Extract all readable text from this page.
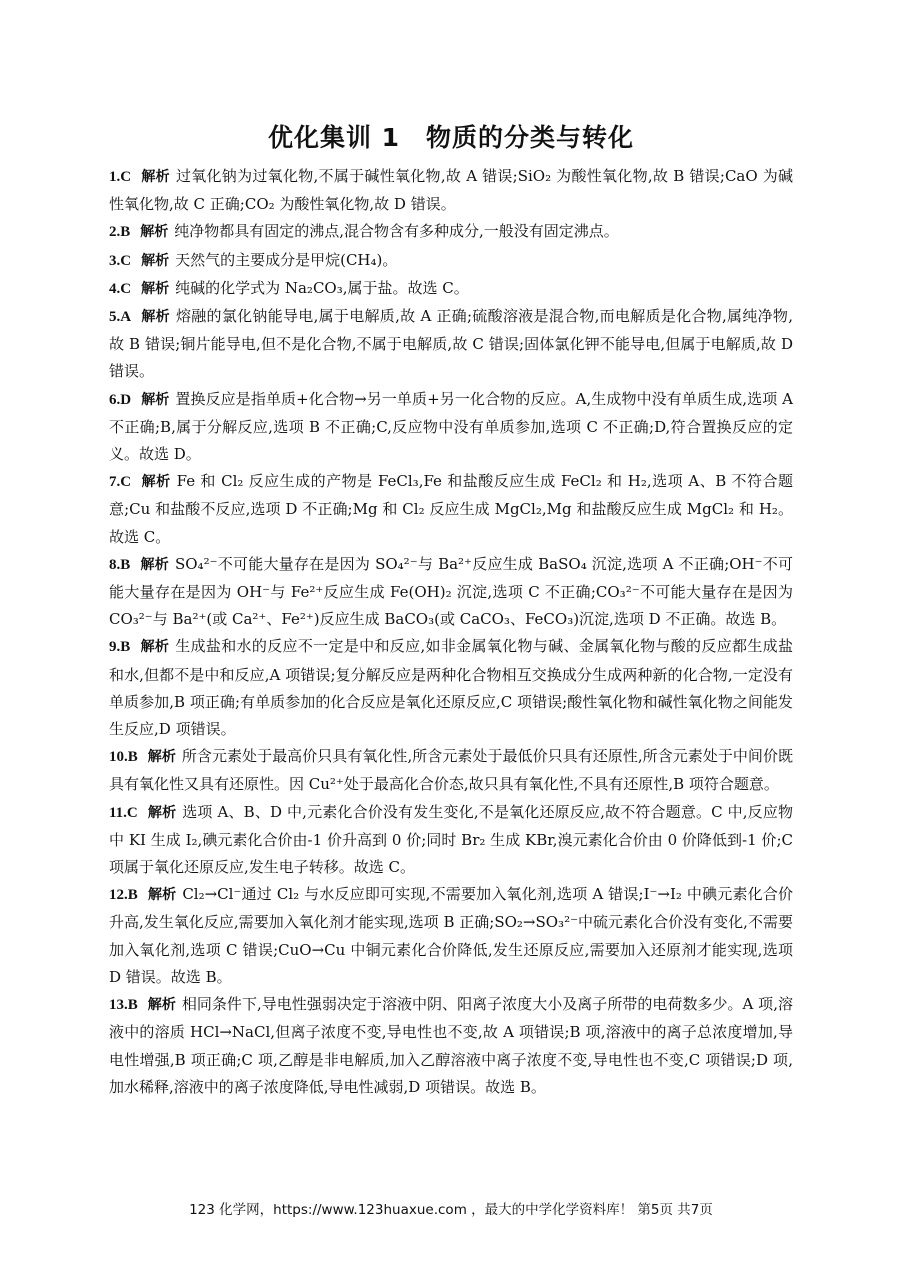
优化集训 1　物质的分类与转化

1.C 解析 过氧化钠为过氧化物,不属于碱性氧化物,故 A 错误;SiO₂ 为酸性氧化物,故 B 错误;CaO 为碱性氧化物,故 C 正确;CO₂ 为酸性氧化物,故 D 错误。

2.B 解析 纯净物都具有固定的沸点,混合物含有多种成分,一般没有固定沸点。

3.C 解析 天然气的主要成分是甲烷(CH₄)。

4.C 解析 纯碱的化学式为 Na₂CO₃,属于盐。故选 C。

5.A 解析 熔融的氯化钠能导电,属于电解质,故 A 正确;硫酸溶液是混合物,而电解质是化合物,属纯净物,故 B 错误;铜片能导电,但不是化合物,不属于电解质,故 C 错误;固体氯化钾不能导电,但属于电解质,故 D 错误。

6.D 解析 置换反应是指单质+化合物→另一单质+另一化合物的反应。A,生成物中没有单质生成,选项 A 不正确;B,属于分解反应,选项 B 不正确;C,反应物中没有单质参加,选项 C 不正确;D,符合置换反应的定义。故选 D。

7.C 解析 Fe 和 Cl₂ 反应生成的产物是 FeCl₃,Fe 和盐酸反应生成 FeCl₂ 和 H₂,选项 A、B 不符合题意;Cu 和盐酸不反应,选项 D 不正确;Mg 和 Cl₂ 反应生成 MgCl₂,Mg 和盐酸反应生成 MgCl₂ 和 H₂。故选 C。

8.B 解析 SO₄²⁻不可能大量存在是因为 SO₄²⁻与 Ba²⁺反应生成 BaSO₄ 沉淀,选项 A 不正确;OH⁻不可能大量存在是因为 OH⁻与 Fe²⁺反应生成 Fe(OH)₂ 沉淀,选项 C 不正确;CO₃²⁻不可能大量存在是因为 CO₃²⁻与 Ba²⁺(或 Ca²⁺、Fe²⁺)反应生成 BaCO₃(或 CaCO₃、FeCO₃)沉淀,选项 D 不正确。故选 B。

9.B 解析 生成盐和水的反应不一定是中和反应,如非金属氧化物与碱、金属氧化物与酸的反应都生成盐和水,但都不是中和反应,A 项错误;复分解反应是两种化合物相互交换成分生成两种新的化合物,一定没有单质参加,B 项正确;有单质参加的化合反应是氧化还原反应,C 项错误;酸性氧化物和碱性氧化物之间能发生反应,D 项错误。

10.B 解析 所含元素处于最高价只具有氧化性,所含元素处于最低价只具有还原性,所含元素处于中间价既具有氧化性又具有还原性。因 Cu²⁺处于最高化合价态,故只具有氧化性,不具有还原性,B 项符合题意。

11.C 解析 选项 A、B、D 中,元素化合价没有发生变化,不是氧化还原反应,故不符合题意。C 中,反应物中 KI 生成 I₂,碘元素化合价由-1 价升高到 0 价;同时 Br₂ 生成 KBr,溴元素化合价由 0 价降低到-1 价;C 项属于氧化还原反应,发生电子转移。故选 C。

12.B 解析 Cl₂→Cl⁻通过 Cl₂ 与水反应即可实现,不需要加入氧化剂,选项 A 错误;I⁻→I₂ 中碘元素化合价升高,发生氧化反应,需要加入氧化剂才能实现,选项 B 正确;SO₂→SO₃²⁻中硫元素化合价没有变化,不需要加入氧化剂,选项 C 错误;CuO→Cu 中铜元素化合价降低,发生还原反应,需要加入还原剂才能实现,选项 D 错误。故选 B。

13.B 解析 相同条件下,导电性强弱决定于溶液中阴、阳离子浓度大小及离子所带的电荷数多少。A 项,溶液中的溶质 HCl→NaCl,但离子浓度不变,导电性也不变,故 A 项错误;B 项,溶液中的离子总浓度增加,导电性增强,B 项正确;C 项,乙醇是非电解质,加入乙醇溶液中离子浓度不变,导电性也不变,C 项错误;D 项,加水稀释,溶液中的离子浓度降低,导电性减弱,D 项错误。故选 B。

123 化学网，https://www.123huaxue.com ，最大的中学化学资料库！ 第5页 共7页
